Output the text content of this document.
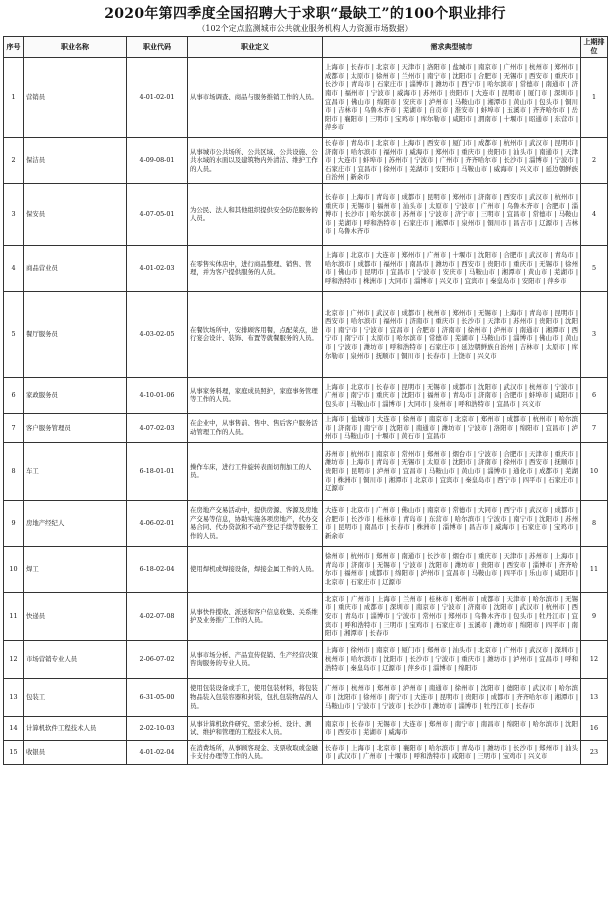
2020年第四季度全国招聘大于求职“最缺工”的100个职业排行
（102个定点监测城市公共就业服务机构人力资源市场数据）
序号	职业名称	职业代码	职业定义	需求典型城市	上期排位
1	营销员	4-01-02-01	从事市场调查、商品与服务推销工作的人员。	上海市 | 长春市 | 北京市 | 天津市 | 洛阳市 | 盐城市 | 南京市 | 广州市 | 杭州市 | 郑州市 | 成都市 | 太原市 | 徐州市 | 兰州市 | 南宁市 | 沈阳市 | 合肥市 | 无锡市 | 西安市 | 重庆市 | 长沙市 | 青岛市 | 石家庄市 | 淄博市 | 潍坊市 | 西宁市 | 哈尔滨市 | 常德市 | 南通市 | 济南市 | 福州市 | 宁波市 | 威海市 | 苏州市 | 贵阳市 | 大连市 | 昆明市 | 厦门市 | 深圳市 | 宜昌市 | 佛山市 | 绵阳市 | 安庆市 | 泸州市 | 马鞍山市 | 湘潭市 | 黄山市 | 包头市 | 铜川市 | 吉林市 | 乌鲁木齐市 | 芜湖市 | 自贡市 | 淮安市 | 蚌埠市 | 玉溪市 | 齐齐哈尔市 | 岳阳市 | 襄阳市 | 三明市 | 宝鸡市 | 库尔勒市 | 咸阳市 | 渭南市 | 十堰市 | 昭通市 | 东营市 | 萍乡市	1
2	保洁员	4-09-08-01	从事城市公共场所、公共区域、公共设施、公共水域的水面以及建筑物内外清洁、维护工作的人员。	长春市 | 青岛市 | 北京市 | 上海市 | 西安市 | 厦门市 | 成都市 | 杭州市 | 武汉市 | 昆明市 | 济南市 | 哈尔滨市 | 福州市 | 威海市 | 郑州市 | 重庆市 | 贵阳市 | 汕头市 | 南通市 | 天津市 | 大连市 | 蚌埠市 | 苏州市 | 宁波市 | 广州市 | 齐齐哈尔市 | 长沙市 | 淄博市 | 宁波市 | 石家庄市 | 宜昌市 | 徐州市 | 芜湖市 | 安阳市 | 马鞍山市 | 威海市 | 兴义市 | 延边朝鲜族自治州 | 新余市	2
3	保安员	4-07-05-01	为公民、法人和其他组织提供安全防范服务的人员。	长春市 | 上海市 | 青岛市 | 成都市 | 昆明市 | 郑州市 | 济南市 | 西安市 | 武汉市 | 杭州市 | 重庆市 | 无锡市 | 福州市 | 汕头市 | 太原市 | 宁波市 | 广州市 | 乌鲁木齐市 | 合肥市 | 淄博市 | 长沙市 | 哈尔滨市 | 苏州市 | 宁波市 | 济宁市 | 三明市 | 宜昌市 | 常德市 | 马鞍山市 | 芜湖市 | 呼和浩特市 | 石家庄市 | 湘潭市 | 泉州市 | 铜川市 | 昌吉市 | 辽源市 | 吉林市 | 乌鲁木齐市	4
4	商品营业员	4-01-02-03	在零售实体店中，进行商品整理、销售、管理，并为客户提供服务的人员。	上海市 | 北京市 | 大连市 | 郑州市 | 广州市 | 十堰市 | 沈阳市 | 合肥市 | 武汉市 | 青岛市 | 哈尔滨市 | 成都市 | 福州市 | 南昌市 | 潍坊市 | 西安市 | 贵阳市 | 重庆市 | 无锡市 | 徐州市 | 佛山市 | 昆明市 | 宜昌市 | 宁波市 | 安庆市 | 马鞍山市 | 湘潭市 | 黄山市 | 芜湖市 | 呼和浩特市 | 株洲市 | 大同市 | 淄博市 | 兴义市 | 宜宾市 | 秦皇岛市 | 安阳市 | 萍乡市	5
5	餐厅服务员	4-03-02-05	在餐饮场所中，安排顾客用餐，点配菜点，进行宴会设计、装饰、布置等就餐服务的人员。	北京市 | 广州市 | 武汉市 | 成都市 | 杭州市 | 郑州市 | 无锡市 | 上海市 | 青岛市 | 昆明市 | 西安市 | 哈尔滨市 | 福州市 | 济南市 | 重庆市 | 长沙市 | 天津市 | 苏州市 | 贵阳市 | 沈阳市 | 南宁市 | 宁波市 | 宜昌市 | 合肥市 | 济南市 | 徐州市 | 泸州市 | 南通市 | 湘潭市 | 西宁市 | 南宁市 | 太原市 | 哈尔滨市 | 常德市 | 芜湖市 | 马鞍山市 | 淄博市 | 佛山市 | 黄山市 | 宁波市 | 潍坊市 | 呼和浩特市 | 石家庄市 | 延边朝鲜族自治州 | 吉林市 | 太原市 | 库尔勒市 | 泉州市 | 抚顺市 | 铜川市 | 长春市 | 上饶市 | 兴义市	3
6	家政服务员	4-10-01-06	从事家务料理，家庭成员照护，家庭事务管理等工作的人员。	上海市 | 北京市 | 长春市 | 昆明市 | 无锡市 | 成都市 | 沈阳市 | 武汉市 | 杭州市 | 宁波市 | 广州市 | 南宁市 | 重庆市 | 沈阳市 | 福州市 | 青岛市 | 济南市 | 合肥市 | 蚌埠市 | 咸阳市 | 包头市 | 马鞍山市 | 淄博市 | 大同市 | 泉州市 | 呼和浩特市 | 宜昌市 | 兴义市	6
7	客户服务管理员	4-07-02-03	在企业中，从事售前、售中、售后客户服务活动管理工作的人员。	上海市 | 盐城市 | 大连市 | 徐州市 | 南京市 | 北京市 | 郑州市 | 成都市 | 杭州市 | 哈尔滨市 | 济南市 | 南宁市 | 沈阳市 | 南通市 | 潍坊市 | 宁波市 | 洛阳市 | 绵阳市 | 宜昌市 | 泸州市 | 马鞍山市 | 十堰市 | 黄石市 | 宜昌市	7
8	车工	6-18-01-01	操作车床，进行工件旋转表面切削加工的人员。	苏州市 | 杭州市 | 南京市 | 常州市 | 郑州市 | 烟台市 | 宁波市 | 合肥市 | 天津市 | 重庆市 | 潍坊市 | 上海市 | 青岛市 | 无锡市 | 太原市 | 沈阳市 | 济南市 | 徐州市 | 西安市 | 抚顺市 | 贵阳市 | 昆明市 | 泸州市 | 宜昌市 | 马鞍山市 | 黄山市 | 淄博市 | 通化市 | 成都市 | 芜湖市 | 株洲市 | 铜川市 | 湘潭市 | 北京市 | 宜宾市 | 秦皇岛市 | 西宁市 | 四平市 | 石家庄市 | 辽源市	10
9	房地产经纪人	4-06-02-01	在房地产交易活动中，提供房源、客源及房地产交易等信息，协助实施各项房地产，代办交易合同、代办贷款和不动产登记手续等服务工作的人员。	大连市 | 北京市 | 广州市 | 佛山市 | 南京市 | 常德市 | 大同市 | 西宁市 | 武汉市 | 成都市 | 合肥市 | 长沙市 | 桂林市 | 青岛市 | 东营市 | 哈尔滨市 | 宁波市 | 南宁市 | 沈阳市 | 苏州市 | 昆明市 | 南昌市 | 长春市 | 株洲市 | 淄博市 | 昌吉市 | 威海市 | 石家庄市 | 宝鸡市 | 新余市	8
10	焊工	6-18-02-04	使用焊机或焊接设备，焊接金属工件的人员。	徐州市 | 杭州市 | 郑州市 | 南通市 | 长沙市 | 烟台市 | 重庆市 | 天津市 | 苏州市 | 上海市 | 青岛市 | 济南市 | 无锡市 | 宁波市 | 沈阳市 | 潍坊市 | 贵阳市 | 西安市 | 淄博市 | 齐齐哈尔市 | 福州市 | 成都市 | 绵阳市 | 泸州市 | 宜昌市 | 马鞍山市 | 四平市 | 乐山市 | 咸阳市 | 北京市 | 石家庄市 | 辽源市	11
11	快递员	4-02-07-08	从事快件揽收、派送和客户信息收集、关系维护及业务推广工作的人员。	北京市 | 广州市 | 上海市 | 兰州市 | 桂林市 | 郑州市 | 成都市 | 天津市 | 哈尔滨市 | 无锡市 | 重庆市 | 成都市 | 深圳市 | 南京市 | 宁波市 | 济南市 | 沈阳市 | 武汉市 | 杭州市 | 西安市 | 青岛市 | 淄博市 | 宁波市 | 常州市 | 郑州市 | 乌鲁木齐市 | 包头市 | 牡丹江市 | 宜宾市 | 呼和浩特市 | 三明市 | 宝鸡市 | 石家庄市 | 玉溪市 | 潍坊市 | 绵阳市 | 四平市 | 南阳市 | 湘潭市 | 长春市	9
12	市场营销专业人员	2-06-07-02	从事市场分析、产品宣传促销、生产经营决策咨询服务的专业人员。	上海市 | 徐州市 | 南京市 | 厦门市 | 郑州市 | 汕头市 | 北京市 | 广州市 | 武汉市 | 深圳市 | 杭州市 | 哈尔滨市 | 沈阳市 | 长沙市 | 宁波市 | 重庆市 | 潍坊市 | 泸州市 | 宜昌市 | 呼和浩特市 | 秦皇岛市 | 辽源市 | 萍乡市 | 淄博市 | 绵阳市	12
13	包装工	6-31-05-00	使用包装设备或手工，使用包装材料，将包装物品装入包装容器和封装，包扎包装物品的人员。	广州市 | 杭州市 | 郑州市 | 泸州市 | 南通市 | 徐州市 | 沈阳市 | 德阳市 | 武汉市 | 哈尔滨市 | 沈阳市 | 徐州市 | 南宁市 | 大连市 | 昆明市 | 贵阳市 | 成都市 | 齐齐哈尔市 | 湘潭市 | 马鞍山市 | 宁波市 | 宁波市 | 长沙市 | 潍坊市 | 淄博市 | 牡丹江市 | 长春市	13
14	计算机软件工程技术人员	2-02-10-03	从事计算机软件研究、需求分析、设计、测试、维护和管理的工程技术人员。	南京市 | 长春市 | 无锡市 | 大连市 | 郑州市 | 南宁市 | 南昌市 | 绵阳市 | 哈尔滨市 | 沈阳市 | 西安市 | 芜湖市 | 威海市	16
15	收银员	4-01-02-04	在消费场所，从事顾客现金、支票收取或金融卡支付办理等工作的人员。	长春市 | 上海市 | 北京市 | 襄阳市 | 哈尔滨市 | 青岛市 | 潍坊市 | 长沙市 | 郑州市 | 汕头市 | 武汉市 | 广州市 | 十堰市 | 呼和浩特市 | 咸阳市 | 三明市 | 宝鸡市 | 兴义市	23
